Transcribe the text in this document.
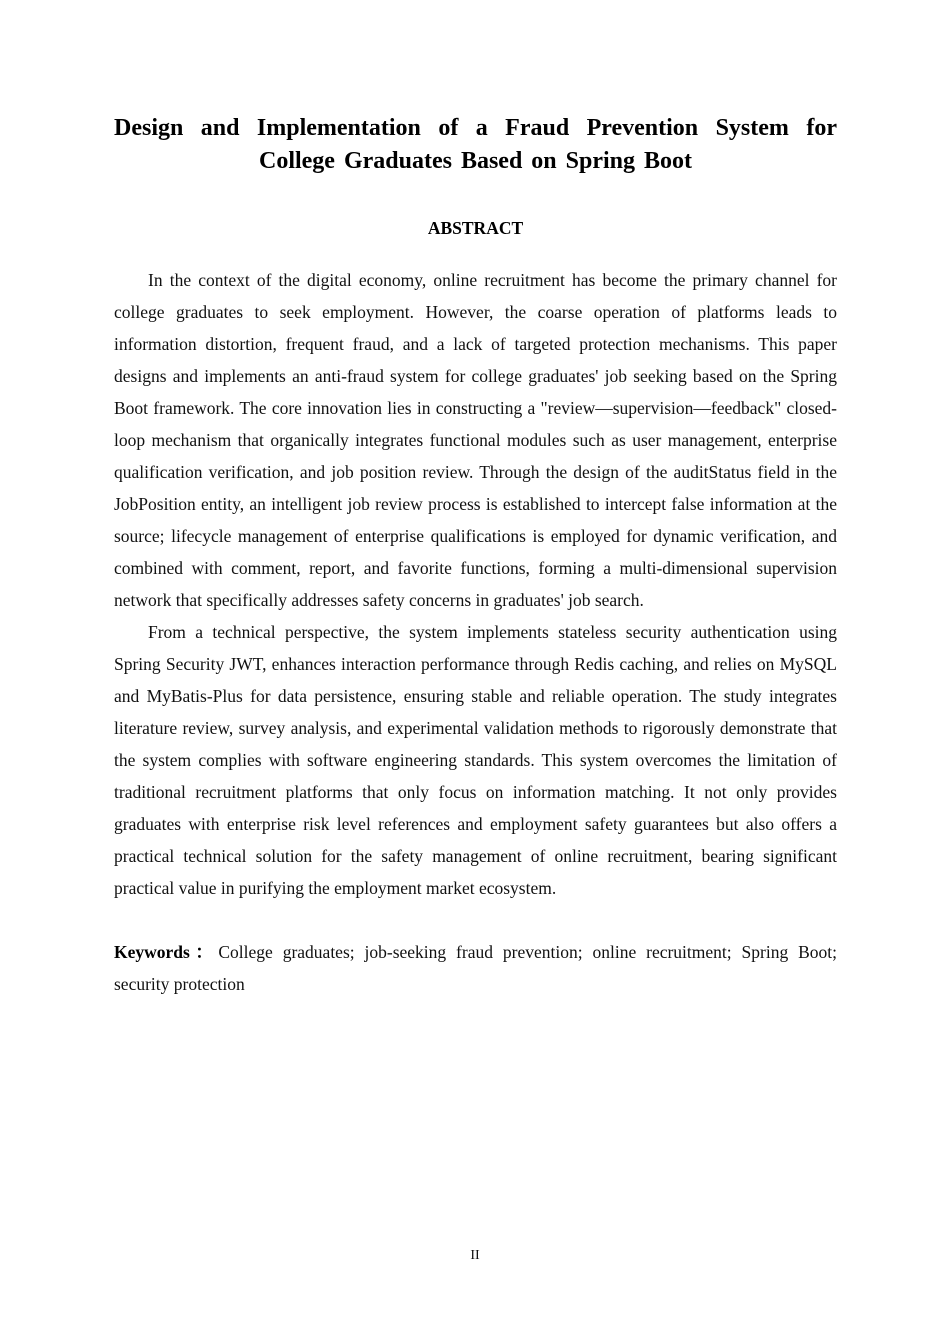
Design and Implementation of a Fraud Prevention System for
College Graduates Based on Spring Boot
ABSTRACT

In the context of the digital economy, online recruitment has become the primary channel for college graduates to seek employment. However, the coarse operation of platforms leads to information distortion, frequent fraud, and a lack of targeted protection mechanisms. This paper designs and implements an anti-fraud system for college graduates' job seeking based on the Spring Boot framework. The core innovation lies in constructing a "review—supervision—feedback" closed-loop mechanism that organically integrates functional modules such as user management, enterprise qualification verification, and job position review. Through the design of the auditStatus field in the JobPosition entity, an intelligent job review process is established to intercept false information at the source; lifecycle management of enterprise qualifications is employed for dynamic verification, and combined with comment, report, and favorite functions, forming a multi-dimensional supervision network that specifically addresses safety concerns in graduates' job search.

From a technical perspective, the system implements stateless security authentication using Spring Security JWT, enhances interaction performance through Redis caching, and relies on MySQL and MyBatis-Plus for data persistence, ensuring stable and reliable operation. The study integrates literature review, survey analysis, and experimental validation methods to rigorously demonstrate that the system complies with software engineering standards. This system overcomes the limitation of traditional recruitment platforms that only focus on information matching. It not only provides graduates with enterprise risk level references and employment safety guarantees but also offers a practical technical solution for the safety management of online recruitment, bearing significant practical value in purifying the employment market ecosystem.

Keywords：College graduates; job-seeking fraud prevention; online recruitment; Spring Boot; security protection

II
